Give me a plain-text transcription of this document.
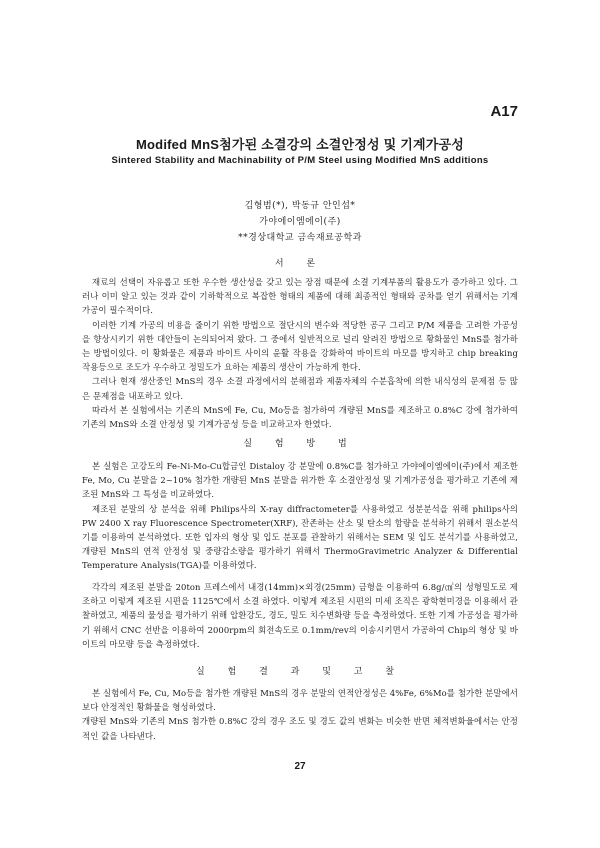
A17
Modifed MnS첨가된 소결강의 소결안정성 및 기계가공성
Sintered Stability and Machinability of P/M Steel using Modified MnS additions
김형범(*), 박동규 안인섭*
가야에이엠에이(주)
**경상대학교 금속재료공학과
서 론

재료의 선택이 자유롭고 또한 우수한 생산성을 갖고 있는 장점 때문에 소결 기계부품의 활용도가 증가하고 있다. 그러나 이미 알고 있는 것과 같이 기하학적으로 복잡한 형태의 제품에 대해 최종적인 형태와 공차를 얻기 위해서는 기계가공이 필수적이다.

이러한 기계 가공의 비용을 줄이기 위한 방법으로 절단시의 변수와 적당한 공구 그리고 P/M 제품을 고려한 가공성을 향상시키기 위한 대안들이 논의되어져 왔다. 그 중에서 일반적으로 널리 알려진 방법으로 황화물인 MnS를 첨가하는 방법이있다. 이 황화물은 제품과 바이트 사이의 윤활 작용을 강화하여 바이트의 마모를 방지하고 chip breaking 작용등으로 조도가 우수하고 정밀도가 요하는 제품의 생산이 가능하게 한다.

그러나 현재 생산중인 MnS의 경우 소결 과정에서의 분해점과 제품자체의 수분흡착에 의한 내식성의 문제점 등 많은 문제점을 내포하고 있다.

따라서 본 실험에서는 기존의 MnS에 Fe, Cu, Mo등을 첨가하여 개량된 MnS를 제조하고 0.8%C 강에 첨가하여 기존의 MnS와 소결 안정성 및 기계가공성 등을 비교하고자 한였다.

실 험 방 법

본 실험은 고강도의 Fe-Ni-Mo-Cu합금인 Distaloy 강 분말에 0.8%C를 첨가하고 가야에이엠에이(주)에서 제조한 Fe, Mo, Cu 분말을 2~10% 첨가한 개량된 MnS 분말을 위가한 후 소결안정성 및 기계가공성을 평가하고 기존에 제조된 MnS와 그 특성을 비교하였다.

제조된 분말의 상 분석을 위해 Philips사의 X-ray diffractometer를 사용하였고 성분분석을 위해 philips사의 PW 2400 X ray Fluorescence Spectrometer(XRF), 잔존하는 산소 및 탄소의 함량을 분석하기 위해서 원소분석기를 이용하여 분석하였다. 또한 입자의 형상 및 입도 분포를 관찰하기 위해서는 SEM 및 입도 분석기를 사용하였고, 개량된 MnS의 연적 안정성 및 중량감소량을 평가하기 위해서 ThermoGravimetric Analyzer & Differential Temperature Analysis(TGA)를 이용하였다.

각각의 제조된 분말을 20ton 프레스에서 내경(14mm)×외경(25mm) 금형을 이용하여 6.8g/㎤의 성형밀도로 제조하고 이렇게 제조된 시편을 1125℃에서 소결 하였다. 이렇게 제조된 시편의 미세 조직은 광학현미경을 이용해서 관찰하였고, 제품의 물성을 평가하기 위해 압환강도, 경도, 밀도 치수변화량 등을 측정하였다. 또한 기계 가공성을 평가하기 위해서 CNC 선반을 이용하여 2000rpm의 회전속도로 0.1mm/rev의 이송시키면서 가공하여 Chip의 형상 및 바이트의 마모량 등을 측정하였다.

실 험 결 과 및 고 찰

본 실험에서 Fe, Cu, Mo등을 첨가한 개량된 MnS의 경우 분말의 연적안정성은 4%Fe, 6%Mo를 첨가한 분말에서 보다 안정적인 황화물을 형성하였다.

개량된 MnS와 기존의 MnS 첨가한 0.8%C 강의 경우 조도 및 경도 값의 변화는 비슷한 반면 체적변화율에서는 안정적인 값을 나타낸다.

27
